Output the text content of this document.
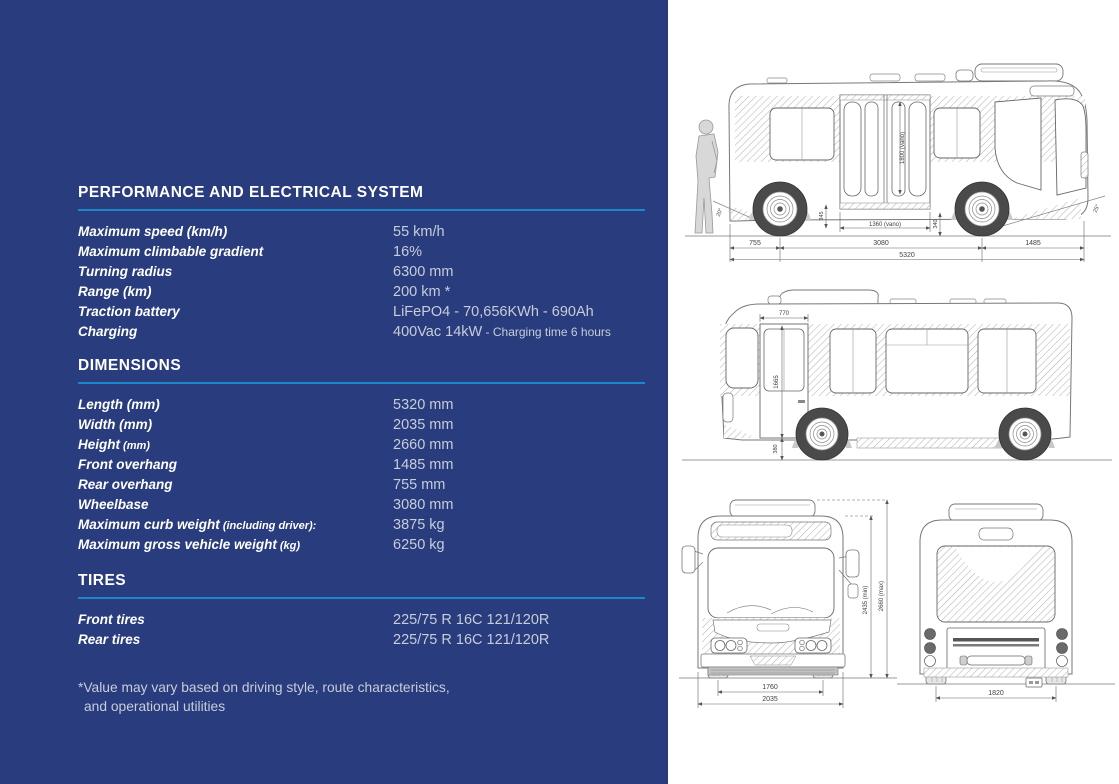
PERFORMANCE AND ELECTRICAL SYSTEM
Maximum speed (km/h)	55 km/h
Maximum climbable gradient	16%
Turning radius	6300 mm
Range (km)	200 km *
Traction battery	LiFePO4 - 70,656KWh - 690Ah
Charging	400Vac 14kW - Charging time 6 hours
DIMENSIONS
Length (mm)	5320 mm
Width (mm)	2035 mm
Height (mm)	2660 mm
Front overhang	1485 mm
Rear overhang	755 mm
Wheelbase	3080 mm
Maximum curb weight (including driver):	3875 kg
Maximum gross vehicle weight (kg)	6250 kg
TIRES
Front tires	225/75 R 16C 121/120R
Rear tires	225/75 R 16C 121/120R
*Value may vary based on driving style, route characteristics,
and operational utilities
755	3080	1485
5320
1360 (vano)
345
340
1800 (vano)
20°	25°
770
1665
380
1760
2035
2435 (min) 2660 (max)
1820
